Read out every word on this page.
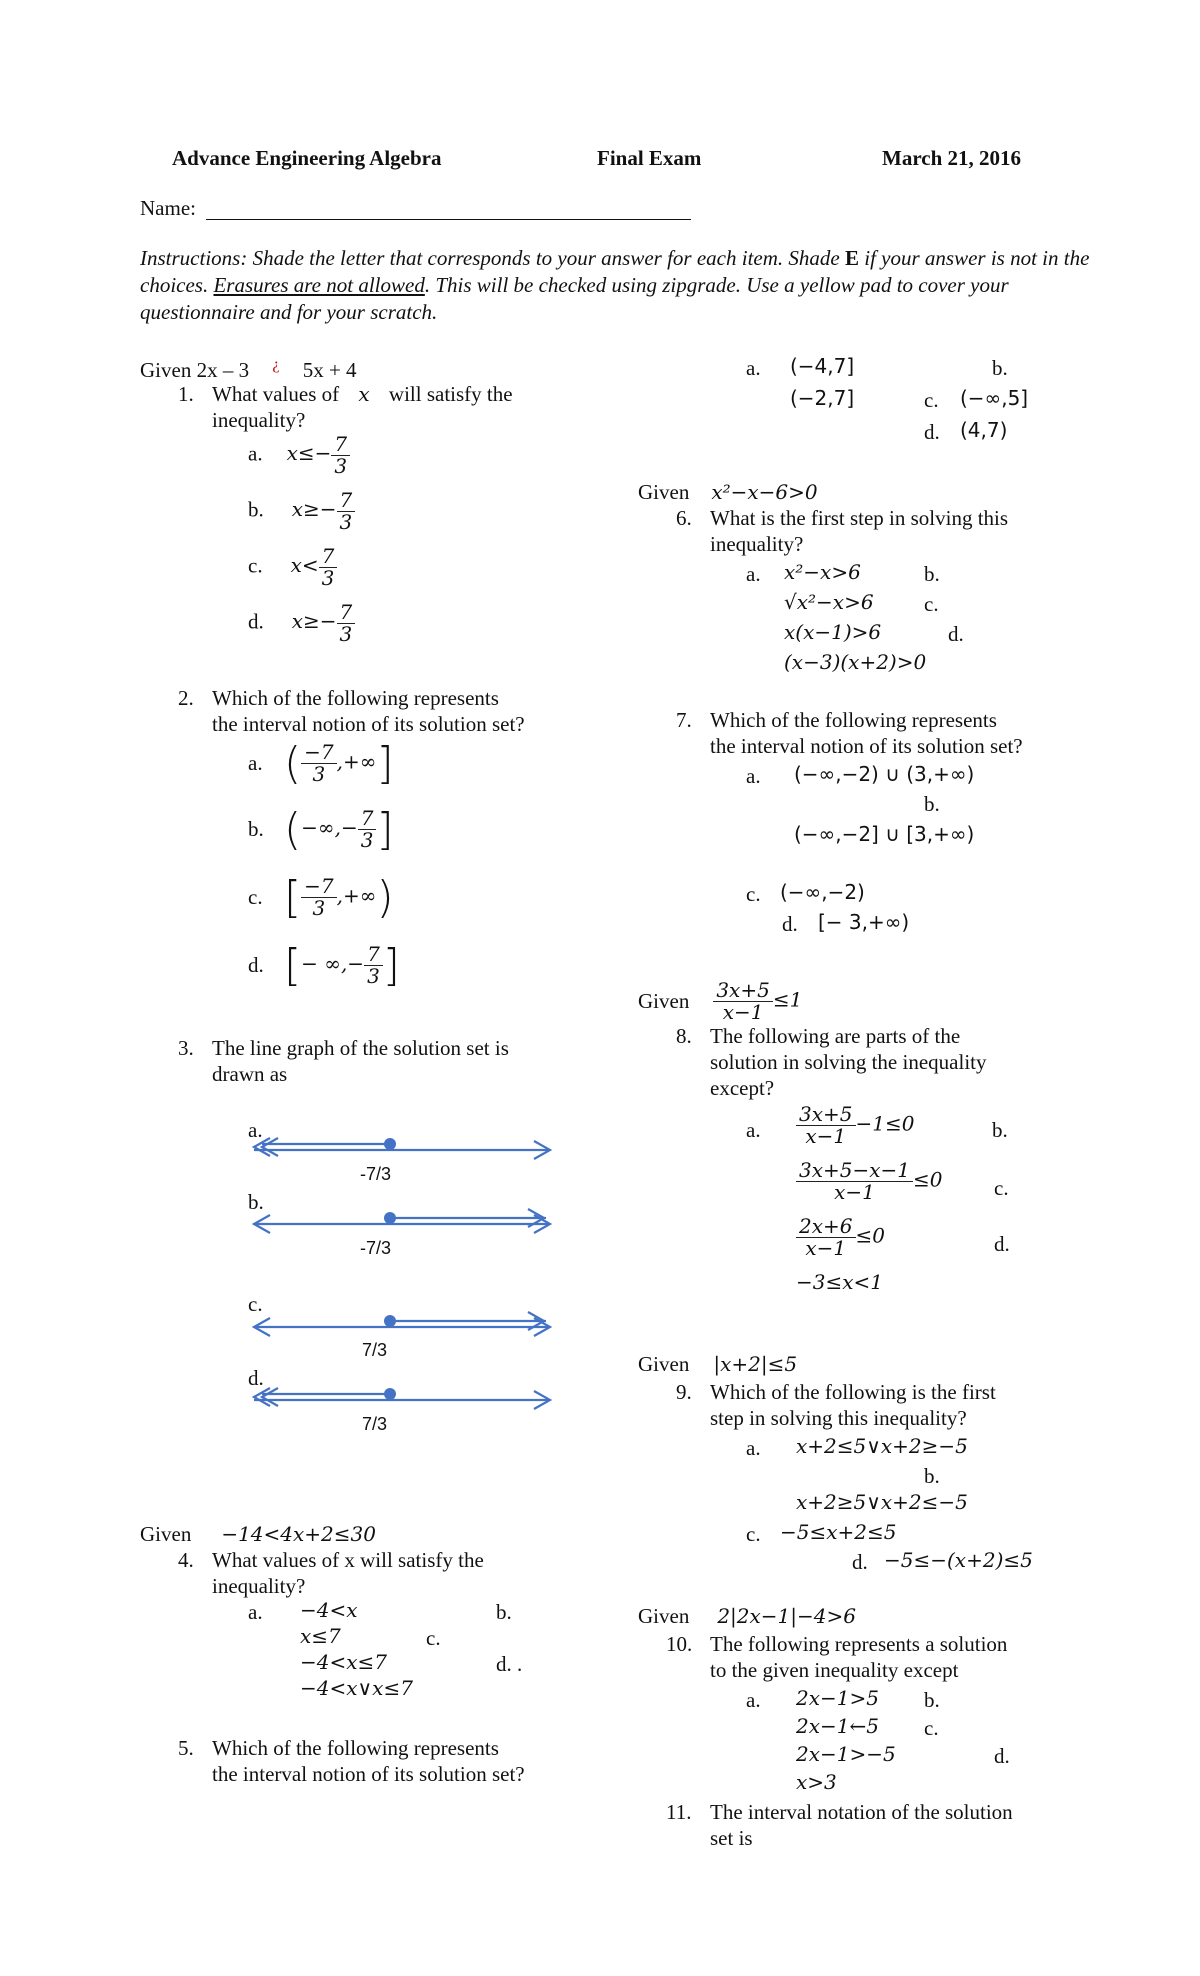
Advance Engineering Algebra	Final Exam	March 21, 2016
Name:
Instructions: Shade the letter that corresponds to your answer for each item. Shade E if your answer is not in the choices. Erasures are not allowed. This will be checked using zipgrade. Use a yellow pad to cover your questionnaire and for your scratch.
Given 2x – 3 ¿ 5x + 4
1. What values of x will satisfy the
inequality?
a. $x\le- \frac{7}{3}$
b. $x\ge- \frac{7}{3}$
c. $x< \frac{7}{3}$
d. $x\ge- \frac{7}{3}$
2. Which of the following represents
the interval notion of its solution set?
a. ( $\frac{-7}{3}$ ,+∞]
b. (−∞,− $\frac{7}{3}$ ]
c. [ $\frac{-7}{3}$ ,+∞)
d. [− ∞,− $\frac{7}{3}$ ]
3. The line graph of the solution set is
drawn as
a.
b.
c.
d.
-7/3
-7/3
7/3
7/3
Given −14<4x+2≤30
4. What values of x will satisfy the
inequality?
a. −4<x	b.
x≤7	c.
−4<x≤7	d. .
−4<x∨x≤7
5. Which of the following represents
the interval notion of its solution set?
a. (−4,7]	b.
(−2,7]	c. (−∞,5]
d. (4,7)
Given x²−x−6>0
6. What is the first step in solving this
inequality?
a. x²−x>6	b.
√x²−x>6 c.
x(x−1)>6	d.
(x−3)(x+2)>0
7. Which of the following represents
the interval notion of its solution set?
a. (−∞,−2) ∪ (3,+∞)
b.
(−∞,−2] ∪ [3,+∞)
c. (−∞,−2)
d. [− 3,+∞)
Given $\frac{3x+5}{x-1} \le 1$
8. The following are parts of the
solution in solving the inequality
except?
a. $\frac{3x+5}{x-1} -1\le 0$	b.
$\frac{3x+5-x-1}{x-1} \le 0$ c.
$\frac{2x+6}{x-1} \le 0$	d.
−3≤x<1
Given |x+2|≤5
9. Which of the following is the first
step in solving this inequality?
a. x+2≤5∨x+2≥−5
b.
x+2≥5∨x+2≤−5
c. −5≤x+2≤5
d. −5≤−(x+2)≤5
Given 2|2x−1|−4>6
10. The following represents a solution
to the given inequality except
a. 2x−1>5 b.
2x−1←5 c.
2x−1>−5	d.
x>3
11. The interval notation of the solution
set is
